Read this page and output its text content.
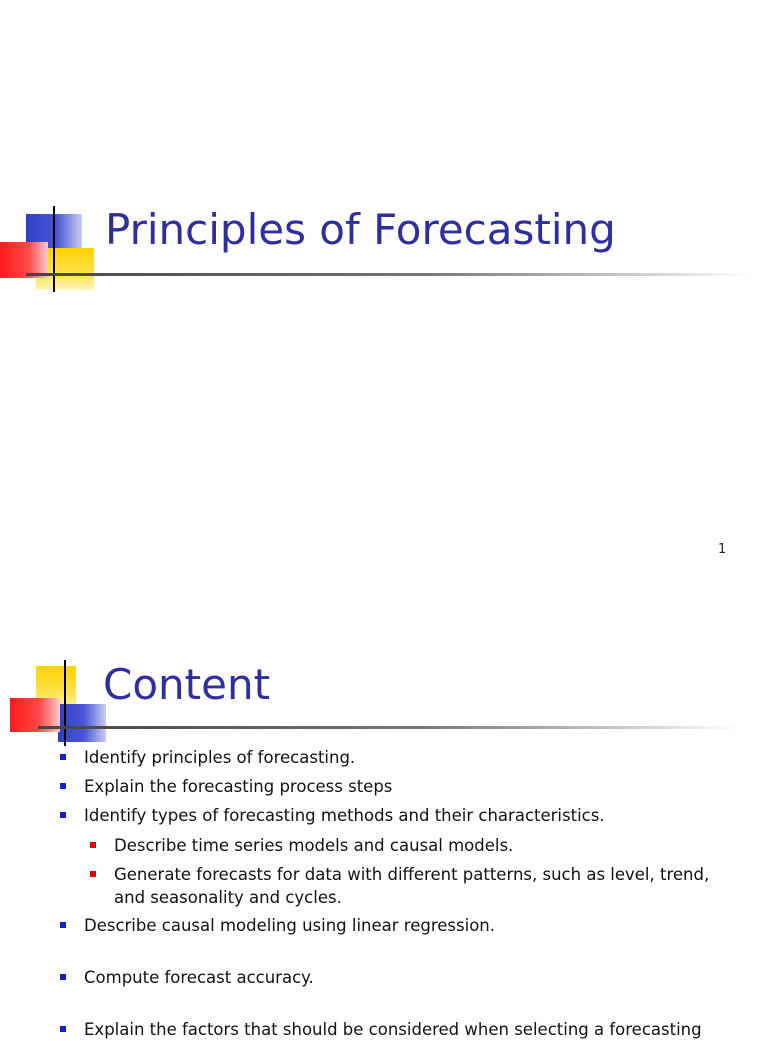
Principles of Forecasting
1
Content
Identify principles of forecasting.
Explain the forecasting process steps
Identify types of forecasting methods and their characteristics.
Describe time series models and causal models.
Generate forecasts for data with different patterns, such as level, trend, and seasonality and cycles.
Describe causal modeling using linear regression.
Compute forecast accuracy.
Explain the factors that should be considered when selecting a forecasting
